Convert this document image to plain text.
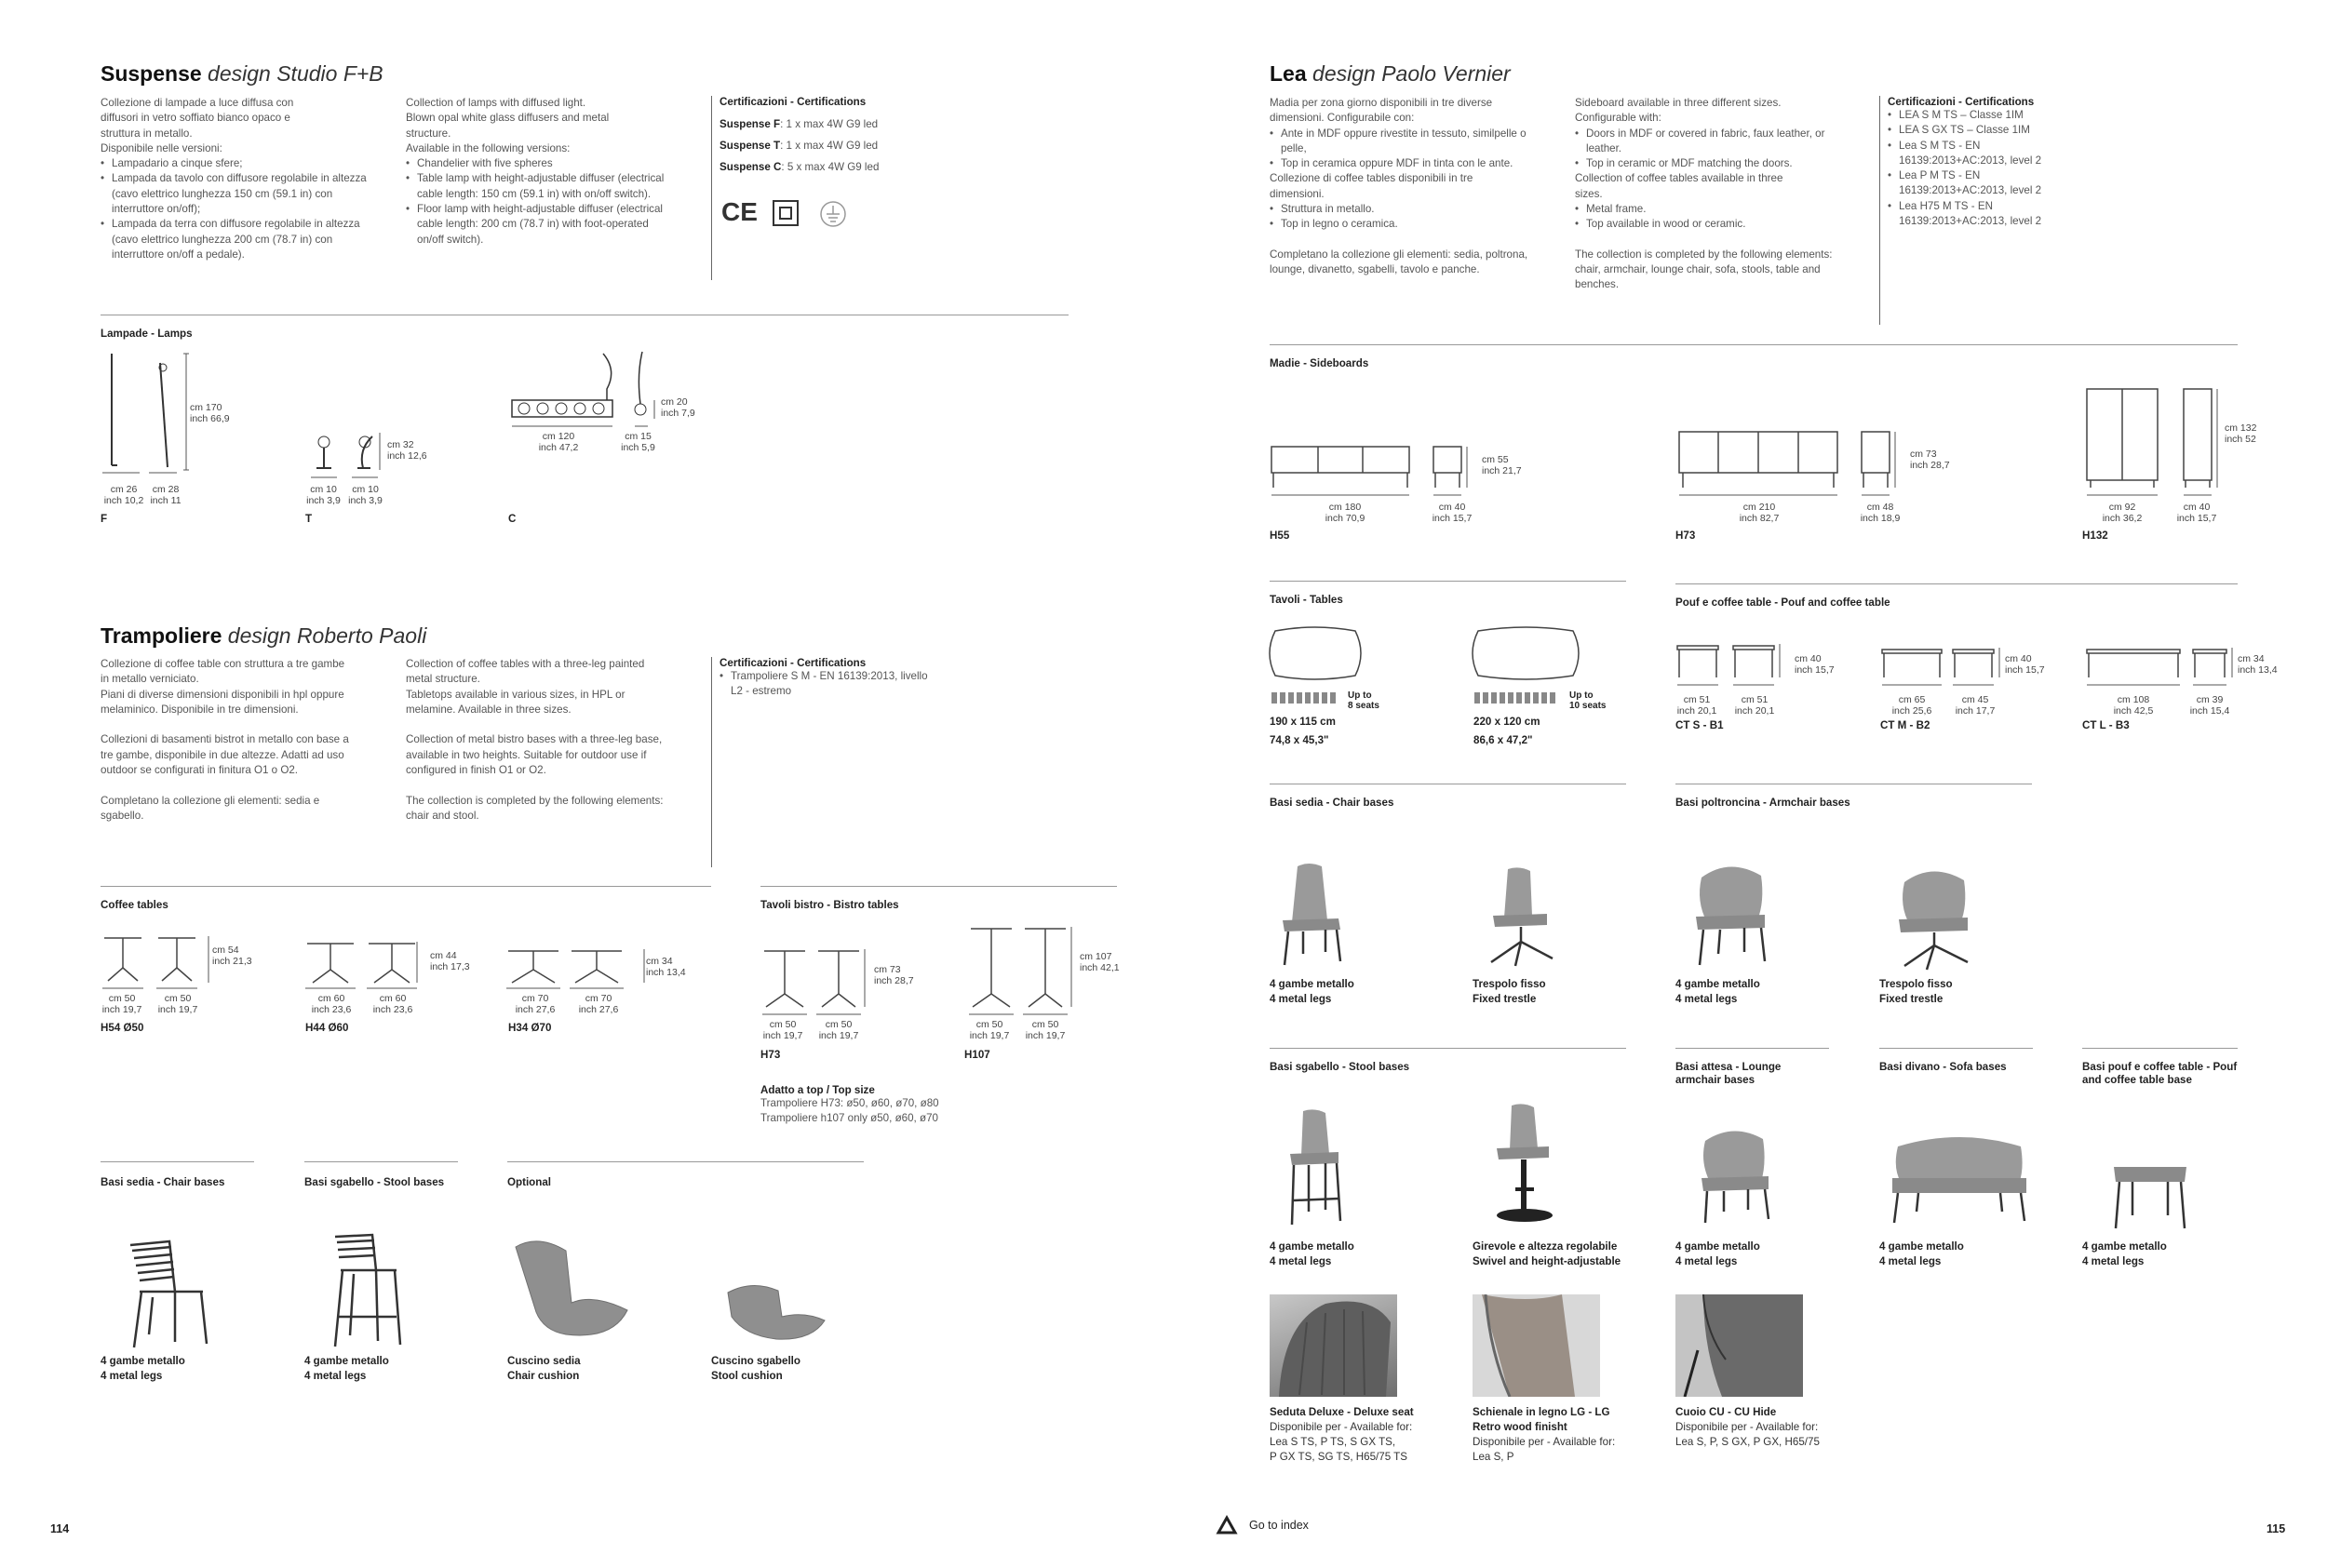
Suspense design Studio F+B
Collezione di lampade a luce diffusa con
diffusori in vetro soffiato bianco opaco e
struttura in metallo.
Disponibile nelle versioni:
• Lampadario a cinque sfere;
• Lampada da tavolo con diffusore regolabile in altezza (cavo elettrico lunghezza 150 cm (59.1 in) con interruttore on/off);
• Lampada da terra con diffusore regolabile in altezza (cavo elettrico lunghezza 200 cm (78.7 in) con interruttore on/off a pedale).
Collection of lamps with diffused light.
Blown opal white glass diffusers and metal
structure.
Available in the following versions:
• Chandelier with five spheres
• Table lamp with height-adjustable diffuser (electrical cable length: 150 cm (59.1 in) with on/off switch).
• Floor lamp with height-adjustable diffuser (electrical cable length: 200 cm (78.7 in) with foot-operated on/off switch).
Certificazioni - Certifications
Suspense F: 1 x max 4W G9 led
Suspense T: 1 x max 4W G9 led
Suspense C: 5 x max 4W G9 led
CE
Lampade - Lamps
cm 170
inch 66,9
cm 26
inch 10,2
cm 28
inch 11
F
cm 32
inch 12,6
cm 10
inch 3,9
cm 10
inch 3,9
T
cm 20
inch 7,9
cm 120
inch 47,2
cm 15
inch 5,9
C
Trampoliere design Roberto Paoli
Collezione di coffee table con struttura a tre gambe in metallo verniciato.
Piani di diverse dimensioni disponibili in hpl oppure melaminico. Disponibile in tre dimensioni.

Collezioni di basamenti bistrot in metallo con base a tre gambe, disponibile in due altezze. Adatti ad uso outdoor se configurati in finitura O1 o O2.

Completano la collezione gli elementi: sedia e sgabello.
Collection of coffee tables with a three-leg painted metal structure.
Tabletops available in various sizes, in HPL or melamine. Available in three sizes.

Collection of metal bistro bases with a three-leg base, available in two heights. Suitable for outdoor use if configured in finish O1 or O2.

The collection is completed by the following elements: chair and stool.
Certificazioni - Certifications
• Trampoliere S M - EN 16139:2013, livello L2 - estremo
Coffee tables	Tavoli bistro - Bistro tables
cm 54
inch 21,3
cm 50
inch 19,7
cm 50
inch 19,7
H54 Ø50
cm 44
inch 17,3
cm 60
inch 23,6
cm 60
inch 23,6
H44 Ø60
cm 34
inch 13,4
cm 70
inch 27,6
cm 70
inch 27,6
H34 Ø70
cm 73
inch 28,7
cm 50
inch 19,7
cm 50
inch 19,7
H73
cm 107
inch 42,1
cm 50
inch 19,7
cm 50
inch 19,7
H107
Adatto a top / Top size
Trampoliere H73: ø50, ø60, ø70, ø80
Trampoliere h107 only ø50, ø60, ø70
Basi sedia - Chair bases	Basi sgabello - Stool bases	Optional
4 gambe metallo
4 metal legs
4 gambe metallo
4 metal legs
Cuscino sedia
Chair cushion
Cuscino sgabello
Stool cushion
114
Lea design Paolo Vernier
Madia per zona giorno disponibili in tre diverse
dimensioni. Configurabile con:
• Ante in MDF oppure rivestite in tessuto, similpelle o pelle,
• Top in ceramica oppure MDF in tinta con le ante.
Collezione di coffee tables disponibili in tre
dimensioni.
• Struttura in metallo.
• Top in legno o ceramica.
Completano la collezione gli elementi: sedia, poltrona, lounge, divanetto, sgabelli, tavolo e panche.
Sideboard available in three different sizes.
Configurable with:
• Doors in MDF or covered in fabric, faux leather, or leather.
• Top in ceramic or MDF matching the doors.
Collection of coffee tables available in three
sizes.
• Metal frame.
• Top available in wood or ceramic.
The collection is completed by the following elements: chair, armchair, lounge chair, sofa, stools, table and benches.
Certificazioni - Certifications
• LEA S M TS – Classe 1IM
• LEA S GX TS – Classe 1IM
• Lea S M TS - EN 16139:2013+AC:2013, level 2
• Lea P M TS - EN 16139:2013+AC:2013, level 2
• Lea H75 M TS - EN 16139:2013+AC:2013, level 2
Madie - Sideboards
cm 55
inch 21,7
cm 180
inch 70,9
cm 40
inch 15,7
H55
cm 73
inch 28,7
cm 210
inch 82,7
cm 48
inch 18,9
H73
cm 132
inch 52
cm 92
inch 36,2
cm 40
inch 15,7
H132
Tavoli - Tables	Pouf e coffee table - Pouf and coffee table
Up to
8 seats
Up to
10 seats
190 x 115 cm
74,8 x 45,3"
220 x 120 cm
86,6 x 47,2"
cm 40
inch 15,7
cm 51
inch 20,1
cm 51
inch 20,1
CT S - B1
cm 40
inch 15,7
cm 65
inch 25,6
cm 45
inch 17,7
CT M - B2
cm 34
inch 13,4
cm 108
inch 42,5
cm 39
inch 15,4
CT L - B3
Basi sedia - Chair bases	Basi poltroncina - Armchair bases
4 gambe metallo
4 metal legs
Trespolo fisso
Fixed trestle
4 gambe metallo
4 metal legs
Trespolo fisso
Fixed trestle
Basi sgabello - Stool bases	Basi attesa - Lounge armchair bases
Basi divano - Sofa bases	Basi pouf e coffee table - Pouf and coffee table base
4 gambe metallo
4 metal legs
Girevole e altezza regolabile
Swivel and height-adjustable
4 gambe metallo
4 metal legs
4 gambe metallo
4 metal legs
4 gambe metallo
4 metal legs
Seduta Deluxe - Deluxe seat
Disponibile per - Available for:
Lea S TS, P TS, S GX TS,
P GX TS, SG TS, H65/75 TS
Schienale in legno LG - LG
Retro wood finisht
Disponibile per - Available for:
Lea S, P
Cuoio CU - CU Hide
Disponibile per - Available for:
Lea S, P, S GX, P GX, H65/75
Go to index	115
